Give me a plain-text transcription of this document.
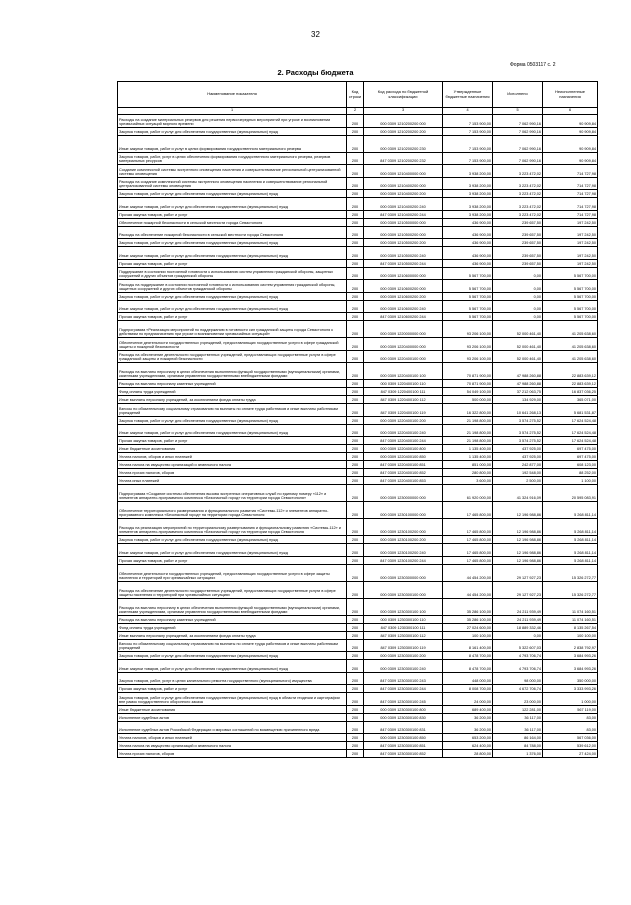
32
Форма 0503117 с. 2
2. Расходы бюджета
Наименование показателя	Код строки	Код расхода по бюджетной классификации	Утвержденные бюджетные назначения	Исполнено	Неисполненные назначения
1	2	3	4	5	6
Расходы на создание материальных резервов для решения первоочередных мероприятий при угрозе и возникновении чрезвычайных ситуаций мирного времени	200	000 0309 1210200200 000	7 153 900,00	7 062 990,16	90 909,84
Закупка товаров, работ и услуг для обеспечения государственных (муниципальных) нужд	200	000 0309 1210200200 200	7 153 900,00	7 062 990,16	90 909,84
Иные закупки товаров, работ и услуг в целях формирования государственного материального резерва	200	000 0309 1210200200 230	7 153 900,00	7 062 990,16	90 909,84
Закупка товаров, работ, услуг в целях обеспечения формирования государственного материального резерва, резервов материальных ресурсов	200	847 0309 1210200200 232	7 153 900,00	7 062 990,16	90 909,84
Создание комплексной системы экстренного оповещения населения и совершенствование региональной централизованной системы оповещения	200	000 0309 1210400000 000	3 938 200,00	3 223 472,02	714 727,98
Расходы на создание комплексной системы экстренного оповещения населения и совершенствование региональной централизованной системы оповещения	200	000 0309 1210400200 000	3 938 200,00	3 223 472,02	714 727,98
Закупка товаров, работ и услуг для обеспечения государственных (муниципальных) нужд	200	000 0309 1210400200 200	3 938 200,00	3 223 472,02	714 727,98
Иные закупки товаров, работ и услуг для обеспечения государственных (муниципальных) нужд	200	000 0309 1210400200 240	3 938 200,00	3 223 472,02	714 727,98
Прочая закупка товаров, работ и услуг	200	847 0309 1210400200 244	3 938 200,00	3 223 472,02	714 727,98
Обеспечение пожарной безопасности в сельской местности города Севастополя	200	000 0309 1210500000 000	436 900,00	239 657,50	197 242,50
Расходы на обеспечение пожарной безопасности в сельской местности города Севастополя	200	000 0309 1210500200 000	436 900,00	239 657,50	197 242,50
Закупка товаров, работ и услуг для обеспечения государственных (муниципальных) нужд	200	000 0309 1210500200 200	436 900,00	239 657,50	197 242,50
Иные закупки товаров, работ и услуг для обеспечения государственных (муниципальных) нужд	200	000 0309 1210500200 240	436 900,00	239 657,50	197 242,50
Прочая закупка товаров, работ и услуг	200	847 0309 1210500200 244	436 900,00	239 657,50	197 242,50
Поддержание в состоянии постоянной готовности к использованию систем управления гражданской обороны, защитных сооружений и других объектов гражданской обороны	200	000 0309 1210600000 000	5 567 700,00	0,00	5 567 700,00
Расходы на поддержание в состоянии постоянной готовности к использованию систем управления гражданской обороны, защитных сооружений и других объектов гражданской обороны	200	000 0309 1210600200 000	5 567 700,00	0,00	5 567 700,00
Закупка товаров, работ и услуг для обеспечения государственных (муниципальных) нужд	200	000 0309 1210600200 200	5 567 700,00	0,00	5 567 700,00
Иные закупки товаров, работ и услуг для обеспечения государственных (муниципальных) нужд	200	000 0309 1210600200 240	5 567 700,00	0,00	5 567 700,00
Прочая закупка товаров, работ и услуг	200	847 0309 1210600200 244	5 567 700,00	0,00	5 567 700,00
Подпрограмма «Реализация мероприятий по поддержанию в готовности сил гражданской защиты города Севастополя к действиям по предназначению при угрозе и возникновении чрезвычайных ситуаций»	200	000 0309 1220000000 000	93 206 100,00	52 000 461,40	41 205 638,60
Обеспечение деятельности государственных учреждений, предоставляющих государственные услуги в сфере гражданской защиты и пожарной безопасности	200	000 0309 1220400000 000	93 206 100,00	52 000 461,40	41 205 638,60
Расходы на обеспечение деятельности государственных учреждений, предоставляющих государственные услуги в сфере гражданской защиты и пожарной безопасности	200	000 0309 1220400100 000	93 206 100,00	52 000 461,40	41 205 638,60
Расходы на выплаты персоналу в целях обеспечения выполнения функций государственными (муниципальными) органами, казенными учреждениями, органами управления государственными внебюджетными фондами	200	000 0309 1220400100 100	70 871 900,00	47 988 260,88	22 883 639,12
Расходы на выплаты персоналу казенных учреждений	200	000 0309 1220400100 110	70 871 900,00	47 988 260,88	22 883 639,12
Фонд оплаты труда учреждений	200	847 0309 1220400100 111	54 049 100,00	37 212 063,75	16 837 036,25
Иные выплаты персоналу учреждений, за исключением фонда оплаты труда	200	847 0309 1220400100 112	500 000,00	134 929,00	365 071,00
Взносы по обязательному социальному страхованию на выплаты по оплате труда работников и иные выплаты работникам учреждений	200	847 0309 1220400100 119	16 322 800,00	10 641 268,13	5 681 531,87
Закупка товаров, работ и услуг для обеспечения государственных (муниципальных) нужд	200	000 0309 1220400100 200	21 198 800,00	3 574 275,52	17 624 524,48
Иные закупки товаров, работ и услуг для обеспечения государственных (муниципальных) нужд	200	000 0309 1220400100 240	21 198 800,00	3 574 275,52	17 624 524,48
Прочая закупка товаров, работ и услуг	200	847 0309 1220400100 244	21 198 800,00	3 574 275,52	17 624 524,48
Иные бюджетные ассигнования	200	000 0309 1220400100 800	1 135 400,00	437 925,00	697 475,00
Уплата налогов, сборов и иных платежей	200	000 0309 1220400100 850	1 135 400,00	437 925,00	697 475,00
Уплата налога на имущество организаций и земельного налога	200	847 0309 1220400100 851	851 000,00	242 877,00	608 123,00
Уплата прочих налогов, сборов	200	847 0309 1220400100 852	280 800,00	192 548,00	88 252,00
Уплата иных платежей	200	847 0309 1220400100 853	3 600,00	2 500,00	1 100,00
Подпрограмма «Создание системы обеспечения вызова экстренных оперативных служб по единому номеру «112» и элементов аппаратно-программного комплекса «Безопасный город» на территории города Севастополя»	200	000 0309 1230000000 000	61 920 000,00	41 324 916,09	20 595 083,91
Обеспечение территориального развертывания и функционального развития «Системы-112» и элементов аппаратно-программного комплекса «Безопасный город» на территории города Севастополя	200	000 0309 1230100000 000	17 465 800,00	12 196 988,86	5 268 811,14
Расходы на реализацию мероприятий по территориальному развертыванию и функциональному развитию «Системы-112» и элементов аппаратно-программного комплекса «Безопасный город» на территории города Севастополя	200	000 0309 1230100200 000	17 465 800,00	12 196 988,86	5 268 811,14
Закупка товаров, работ и услуг для обеспечения государственных (муниципальных) нужд	200	000 0309 1230100200 200	17 465 800,00	12 196 988,86	5 268 811,14
Иные закупки товаров, работ и услуг для обеспечения государственных (муниципальных) нужд	200	000 0309 1230100200 240	17 465 800,00	12 196 988,86	5 268 811,14
Прочая закупка товаров, работ и услуг	200	847 0309 1230100200 244	17 465 800,00	12 196 988,86	5 268 811,14
Обеспечение деятельности государственных учреждений, предоставляющих государственные услуги в сфере защиты населения и территорий при чрезвычайных ситуациях	200	000 0309 1230300000 000	44 454 200,00	29 127 927,23	15 326 272,77
Расходы на обеспечение деятельности государственных учреждений, предоставляющих государственные услуги в сфере защиты населения и территорий при чрезвычайных ситуациях	200	000 0309 1230300100 000	44 454 200,00	29 127 927,23	15 326 272,77
Расходы на выплаты персоналу в целях обеспечения выполнения функций государственными (муниципальными) органами, казенными учреждениями, органами управления государственными внебюджетными фондами	200	000 0309 1230300100 100	35 286 100,00	24 211 939,49	11 074 160,51
Расходы на выплаты персоналу казенных учреждений	200	000 0309 1230300100 110	35 286 100,00	24 211 939,49	11 074 160,51
Фонд оплаты труда учреждений	200	847 0309 1230300100 111	27 024 600,00	18 889 332,46	8 135 267,54
Иные выплаты персоналу учреждений, за исключением фонда оплаты труда	200	847 0309 1230300100 112	100 100,00	0,00	100 100,00
Взносы по обязательному социальному страхованию на выплаты по оплате труда работников и иные выплаты работникам учреждений	200	847 0309 1230300100 119	8 161 400,00	5 322 607,03	2 838 792,97
Закупка товаров, работ и услуг для обеспечения государственных (муниципальных) нужд	200	000 0309 1230300100 200	8 478 700,00	4 793 706,74	3 684 993,26
Иные закупки товаров, работ и услуг для обеспечения государственных (муниципальных) нужд	200	000 0309 1230300100 240	8 478 700,00	4 793 706,74	3 684 993,26
Закупка товаров, работ, услуг в целях капитального ремонта государственного (муниципального) имущества	200	847 0309 1230300100 243	448 000,00	98 000,00	350 000,00
Прочая закупка товаров, работ и услуг	200	847 0309 1230300100 244	8 008 700,00	4 672 706,74	3 333 993,26
Закупка товаров, работ и услуг для обеспечения государственных (муниципальных) нужд в области геодезии и картографии вне рамок государственного оборонного заказа	200	847 0309 1230300100 245	24 000,00	23 000,00	1 000,00
Иные бюджетные ассигнования	200	000 0309 1230300100 800	689 400,00	122 281,00	567 119,00
Исполнение судебных актов	200	000 0309 1230300100 830	36 200,00	36 117,00	83,00
Исполнение судебных актов Российской Федерации и мировых соглашений по возмещению причиненного вреда	200	847 0309 1230300100 831	36 200,00	36 117,00	83,00
Уплата налогов, сборов и иных платежей	200	000 0309 1230300100 850	653 200,00	86 164,00	567 036,00
Уплата налога на имущество организаций и земельного налога	200	847 0309 1230300100 851	624 400,00	84 788,00	539 612,00
Уплата прочих налогов, сборов	200	847 0309 1230300100 852	28 800,00	1 376,00	27 424,00
